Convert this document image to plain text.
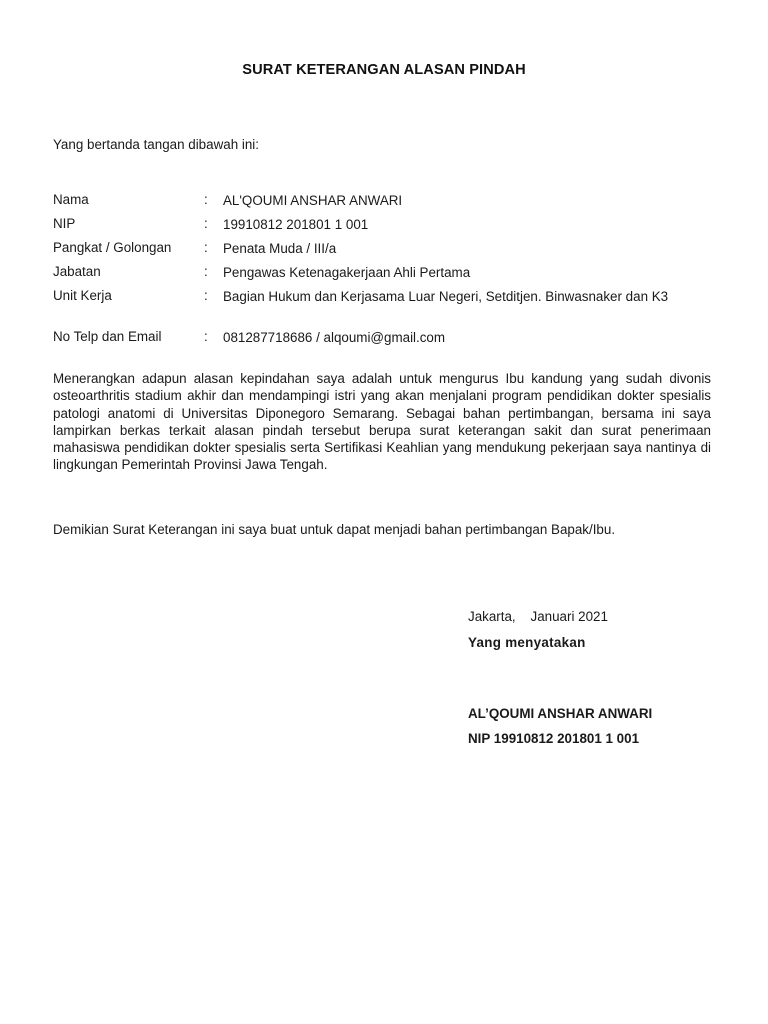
SURAT KETERANGAN ALASAN PINDAH
Yang bertanda tangan dibawah ini:
Nama	: AL'QOUMI ANSHAR ANWARI
NIP	: 19910812 201801 1 001
Pangkat / Golongan	: Penata Muda / III/a
Jabatan	: Pengawas Ketenagakerjaan Ahli Pertama
Unit Kerja	: Bagian Hukum dan Kerjasama Luar Negeri, Setditjen. Binwasnaker dan K3
No Telp dan Email	: 081287718686 / alqoumi@gmail.com

Menerangkan adapun alasan kepindahan saya adalah untuk mengurus Ibu kandung yang sudah divonis osteoarthritis stadium akhir dan mendampingi istri yang akan menjalani program pendidikan dokter spesialis patologi anatomi di Universitas Diponegoro Semarang. Sebagai bahan pertimbangan, bersama ini saya lampirkan berkas terkait alasan pindah tersebut berupa surat keterangan sakit dan surat penerimaan mahasiswa pendidikan dokter spesialis serta Sertifikasi Keahlian yang mendukung pekerjaan saya nantinya di lingkungan Pemerintah Provinsi Jawa Tengah.

Demikian Surat Keterangan ini saya buat untuk dapat menjadi bahan pertimbangan Bapak/Ibu.
Jakarta,    Januari 2021
Yang menyatakan
AL’QOUMI ANSHAR ANWARI
NIP 19910812 201801 1 001
